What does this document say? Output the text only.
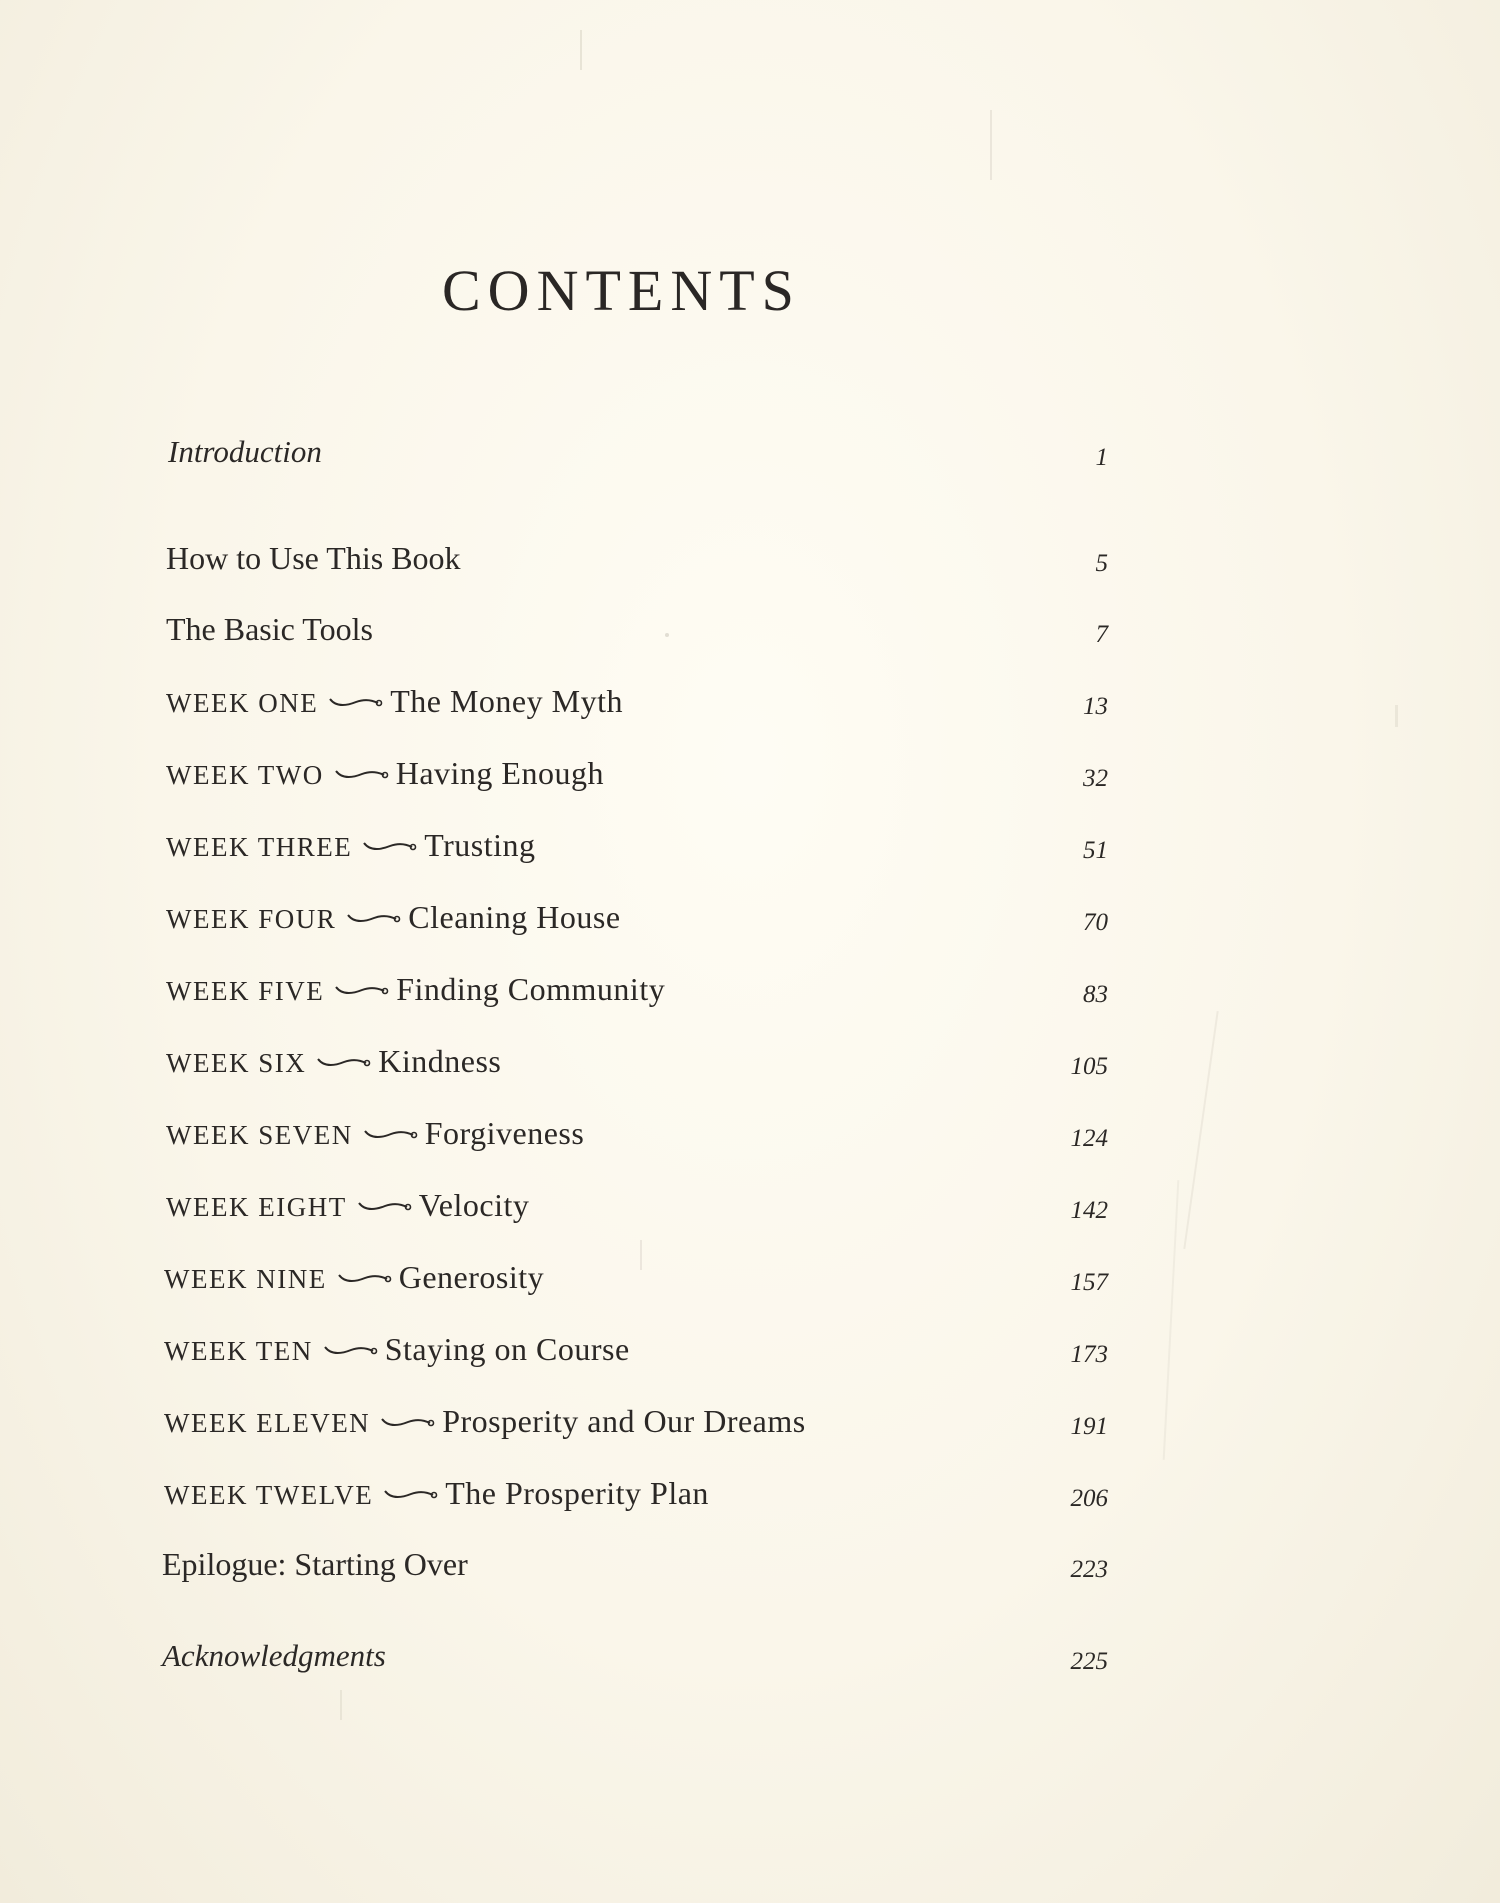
CONTENTS
Introduction	1
How to Use This Book	5
The Basic Tools	7
WEEK ONE The Money Myth	13
WEEK TWO Having Enough	32
WEEK THREE Trusting	51
WEEK FOUR Cleaning House	70
WEEK FIVE Finding Community	83
WEEK SIX Kindness	105
WEEK SEVEN Forgiveness	124
WEEK EIGHT Velocity	142
WEEK NINE Generosity	157
WEEK TEN Staying on Course	173
WEEK ELEVEN Prosperity and Our Dreams	191
WEEK TWELVE The Prosperity Plan	206
Epilogue: Starting Over	223
Acknowledgments	225
